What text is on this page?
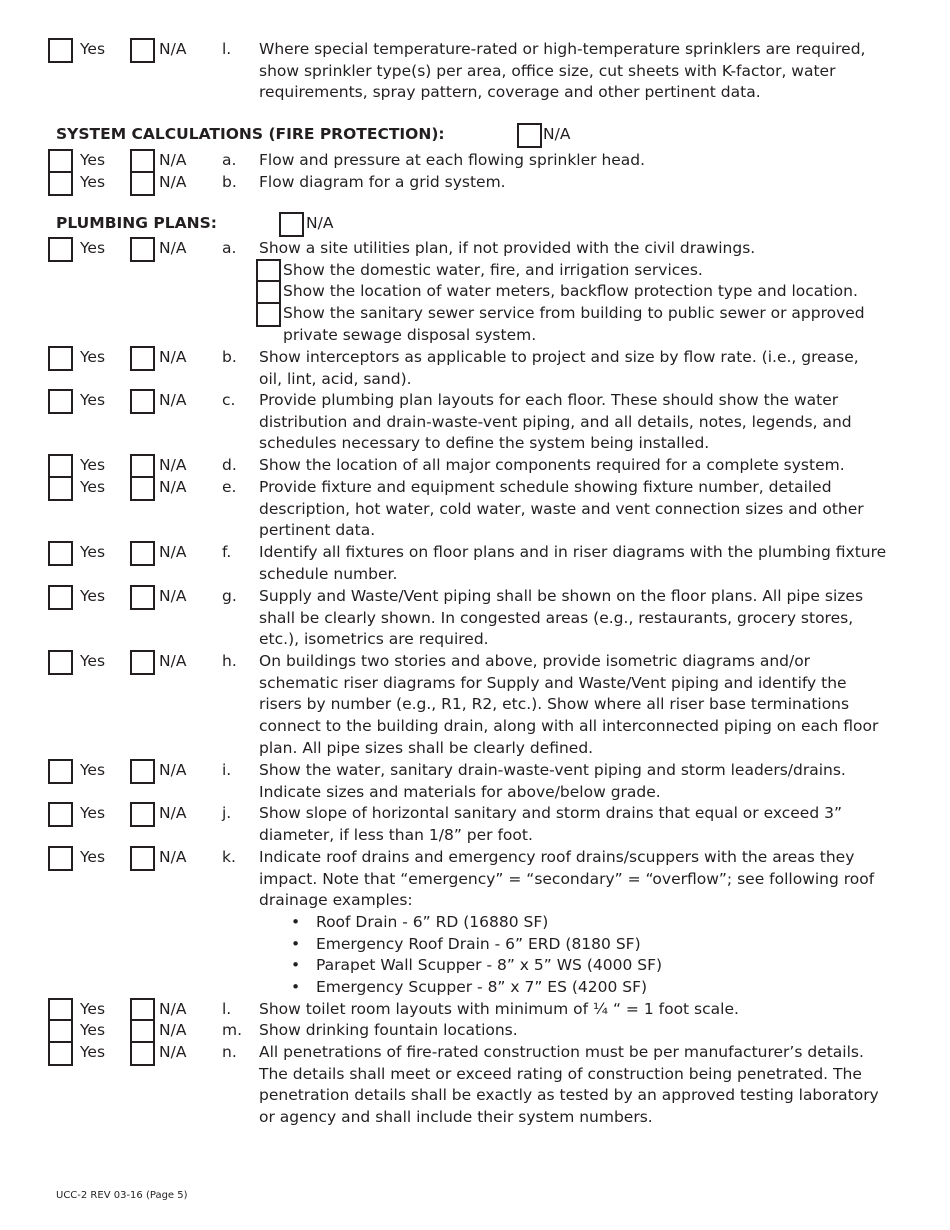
Yes	N/A l. Where special temperature-rated or high-temperature sprinklers are required,
show sprinkler type(s) per area, office size, cut sheets with K-factor, water
requirements, spray pattern, coverage and other pertinent data.
SYSTEM CALCULATIONS (FIRE PROTECTION):	N/A
Yes	N/A a. Flow and pressure at each flowing sprinkler head.
Yes	N/A b. Flow diagram for a grid system.
PLUMBING PLANS:	N/A
Yes	N/A a. Show a site utilities plan, if not provided with the civil drawings.
Show the domestic water, fire, and irrigation services.
Show the location of water meters, backflow protection type and location.
Show the sanitary sewer service from building to public sewer or approved
private sewage disposal system.
Yes	N/A b. Show interceptors as applicable to project and size by flow rate. (i.e., grease,
oil, lint, acid, sand).
Yes	N/A c. Provide plumbing plan layouts for each floor. These should show the water
distribution and drain-waste-vent piping, and all details, notes, legends, and
schedules necessary to define the system being installed.
Yes	N/A d. Show the location of all major components required for a complete system.
Yes	N/A e. Provide fixture and equipment schedule showing fixture number, detailed
description, hot water, cold water, waste and vent connection sizes and other
pertinent data.
Yes	N/A f. Identify all fixtures on floor plans and in riser diagrams with the plumbing fixture
schedule number.
Yes	N/A g. Supply and Waste/Vent piping shall be shown on the floor plans. All pipe sizes
shall be clearly shown. In congested areas (e.g., restaurants, grocery stores,
etc.), isometrics are required.
Yes	N/A h. On buildings two stories and above, provide isometric diagrams and/or
schematic riser diagrams for Supply and Waste/Vent piping and identify the
risers by number (e.g., R1, R2, etc.). Show where all riser base terminations
connect to the building drain, along with all interconnected piping on each floor
plan. All pipe sizes shall be clearly defined.
Yes	N/A i. Show the water, sanitary drain-waste-vent piping and storm leaders/drains.
Indicate sizes and materials for above/below grade.
Yes	N/A j. Show slope of horizontal sanitary and storm drains that equal or exceed 3”
diameter, if less than 1/8” per foot.
Yes	N/A k. Indicate roof drains and emergency roof drains/scuppers with the areas they
impact. Note that “emergency” = “secondary” = “overflow”; see following roof
drainage examples:
Yes	N/A l. Show toilet room layouts with minimum of ¼ “ = 1 foot scale.
Yes	N/A m. Show drinking fountain locations.
Yes	N/A n. All penetrations of fire-rated construction must be per manufacturer’s details.
The details shall meet or exceed rating of construction being penetrated. The
penetration details shall be exactly as tested by an approved testing laboratory
or agency and shall include their system numbers.
• Roof Drain - 6” RD (16880 SF)
• Emergency Roof Drain - 6” ERD (8180 SF)
• Parapet Wall Scupper - 8” x 5” WS (4000 SF)
• Emergency Scupper - 8” x 7” ES (4200 SF)
UCC-2 REV 03-16 (Page 5)
